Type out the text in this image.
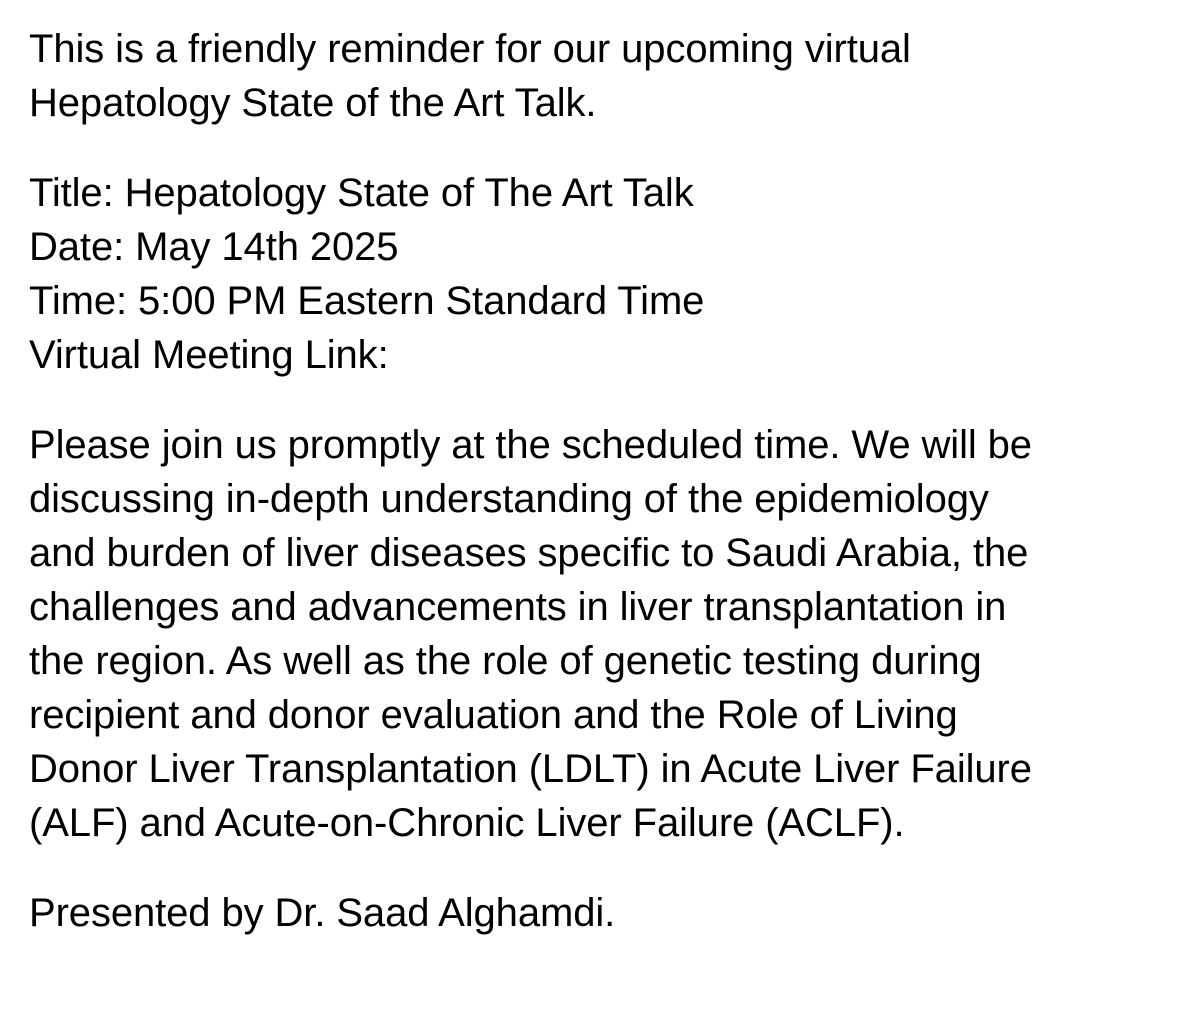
This is a friendly reminder for our upcoming virtual
Hepatology State of the Art Talk.

Title: Hepatology State of The Art Talk
Date: May 14th 2025
Time: 5:00 PM Eastern Standard Time
Virtual Meeting Link:

Please join us promptly at the scheduled time. We will be
discussing in-depth understanding of the epidemiology
and burden of liver diseases specific to Saudi Arabia, the
challenges and advancements in liver transplantation in
the region. As well as the role of genetic testing during
recipient and donor evaluation and the Role of Living
Donor Liver Transplantation (LDLT) in Acute Liver Failure
(ALF) and Acute-on-Chronic Liver Failure (ACLF).

Presented by Dr. Saad Alghamdi.
